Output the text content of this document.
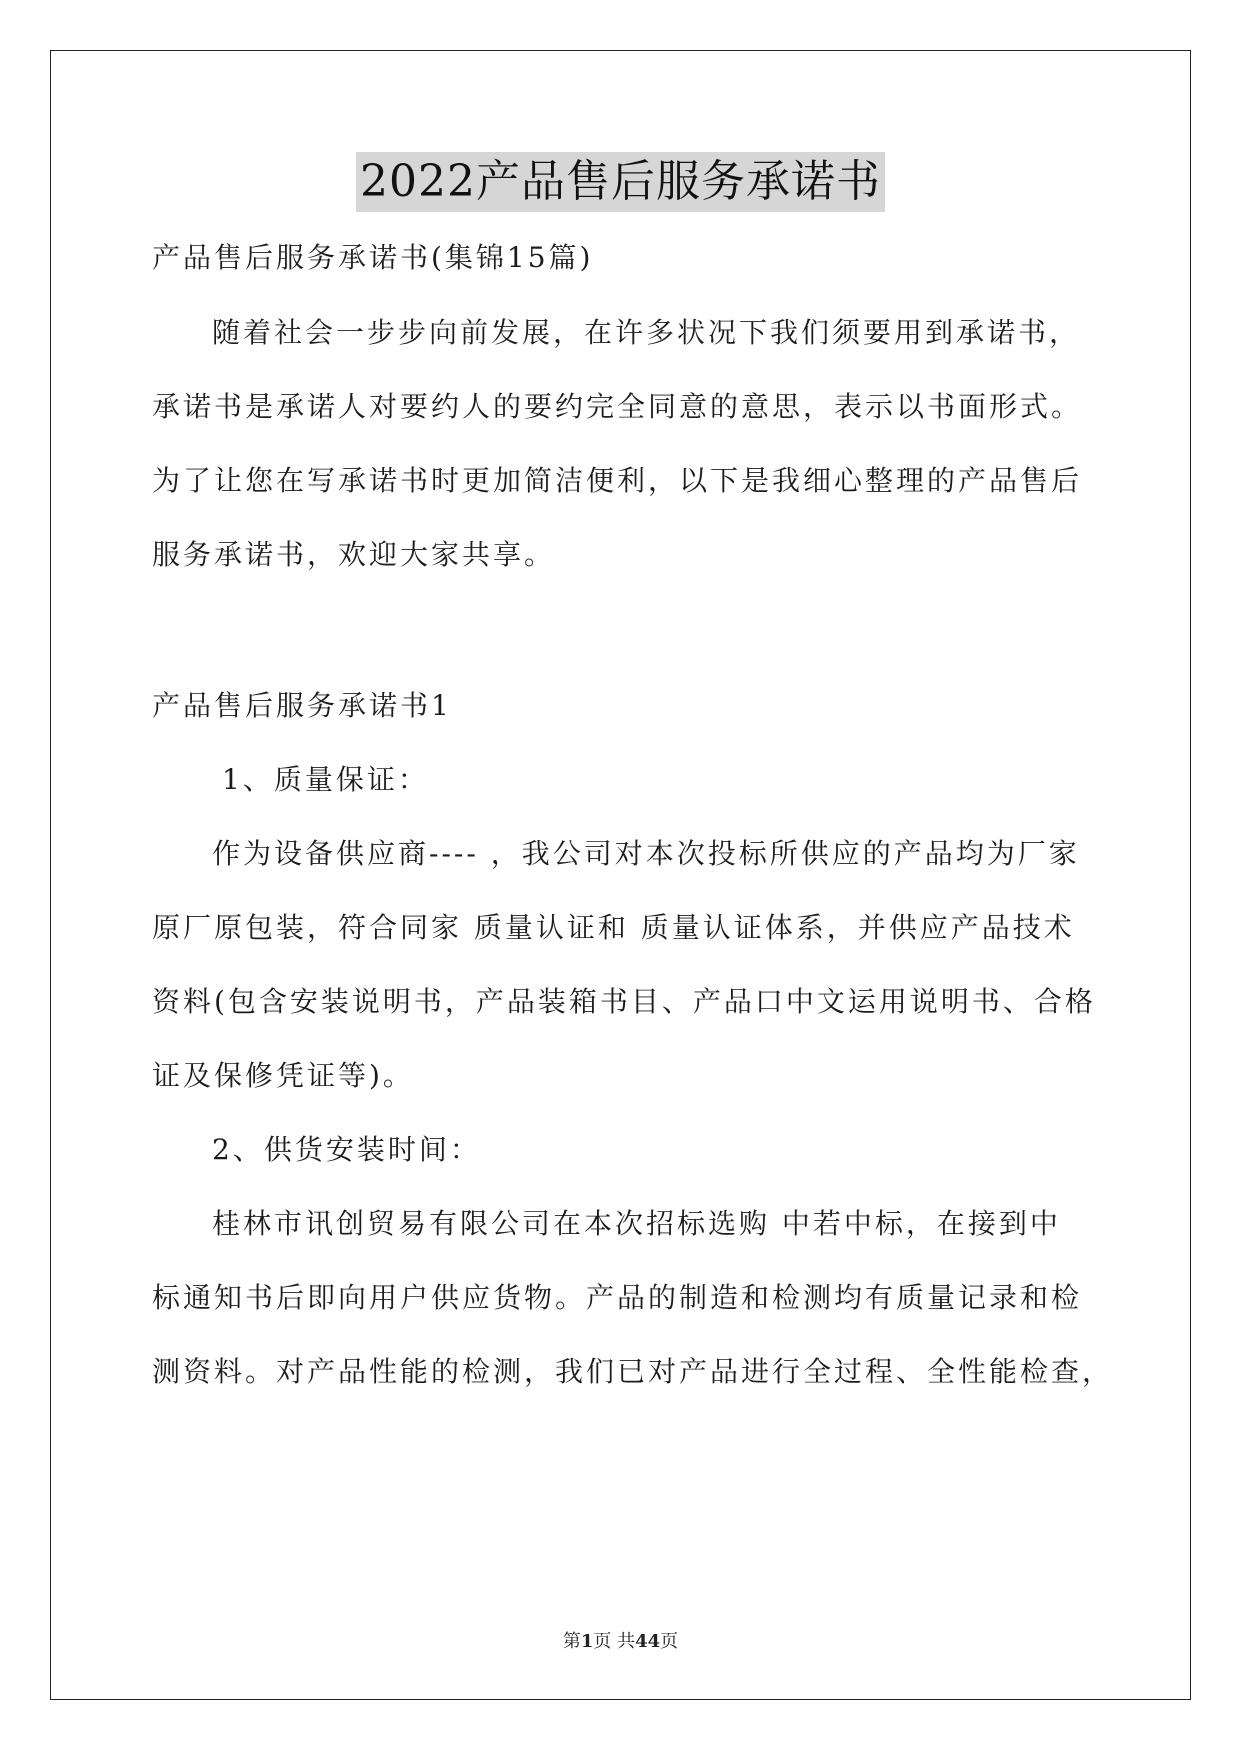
2022产品售后服务承诺书
产品售后服务承诺书(集锦15篇)
随着社会一步步向前发展，在许多状况下我们须要用到承诺书，
承诺书是承诺人对要约人的要约完全同意的意思，表示以书面形式。
为了让您在写承诺书时更加简洁便利，以下是我细心整理的产品售后
服务承诺书，欢迎大家共享。
产品售后服务承诺书1
1、质量保证：
作为设备供应商---- ，我公司对本次投标所供应的产品均为厂家
原厂原包装，符合同家 质量认证和 质量认证体系，并供应产品技术
资料(包含安装说明书，产品装箱书目、产品口中文运用说明书、合格
证及保修凭证等)。
2、供货安装时间：
桂林市讯创贸易有限公司在本次招标选购 中若中标，在接到中
标通知书后即向用户供应货物。产品的制造和检测均有质量记录和检
测资料。对产品性能的检测，我们已对产品进行全过程、全性能检查，
第1页 共44页
